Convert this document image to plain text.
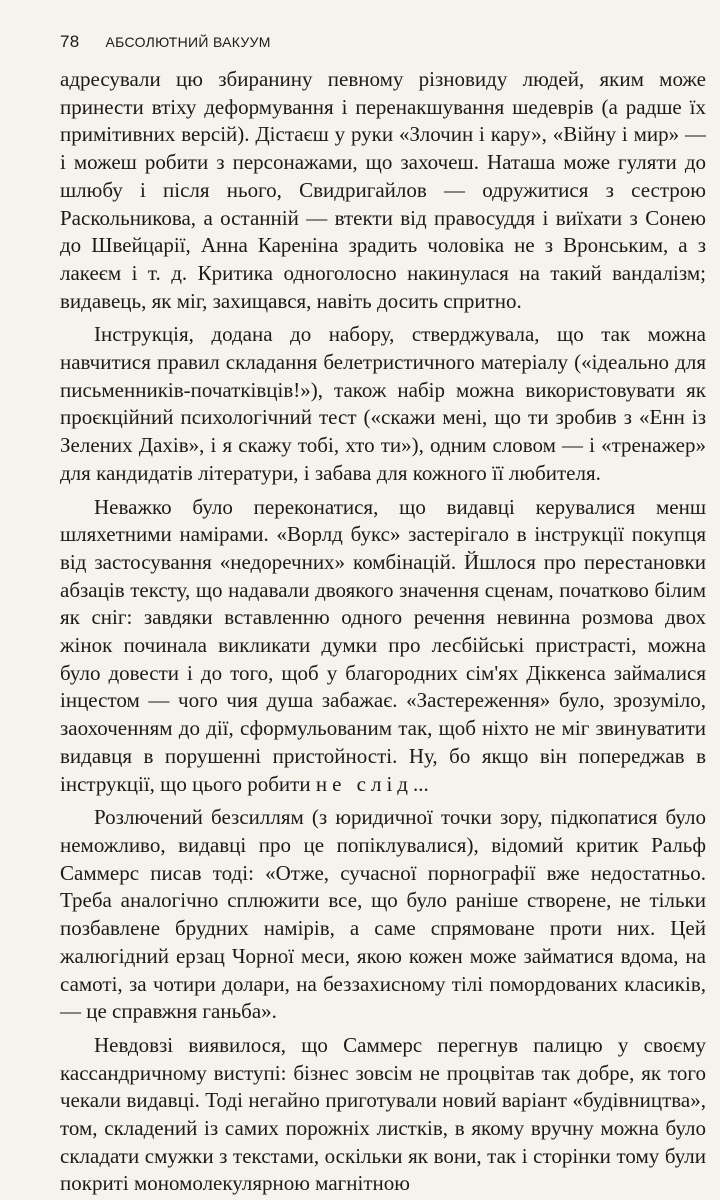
78 АБСОЛЮТНИЙ ВАКУУМ

адресували цю збиранину певному різновиду людей, яким може принести втіху деформування і перенакшування шедеврів (а радше їх примітивних версій). Дістаєш у руки «Злочин і кару», «Війну і мир» — і можеш робити з персонажами, що захочеш. Наташа може гуляти до шлюбу і після нього, Свидригайлов — одружитися з сестрою Раскольникова, а останній — втекти від правосуддя і виїхати з Сонею до Швейцарії, Анна Кареніна зрадить чоловіка не з Вронським, а з лакеєм і т. д. Критика одноголосно накинулася на такий вандалізм; видавець, як міг, захищався, навіть досить спритно.

Інструкція, додана до набору, стверджувала, що так можна навчитися правил складання белетристичного матеріалу («ідеально для письменників-початківців!»), також набір можна використовувати як проєкційний психологічний тест («скажи мені, що ти зробив з «Енн із Зелених Дахів», і я скажу тобі, хто ти»), одним словом — і «тренажер» для кандидатів літератури, і забава для кожного її любителя.

Неважко було переконатися, що видавці керувалися менш шляхетними намірами. «Ворлд букс» застерігало в інструкції покупця від застосування «недоречних» комбінацій. Йшлося про перестановки абзаців тексту, що надавали двоякого значення сценам, початково білим як сніг: завдяки вставленню одного речення невинна розмова двох жінок починала викликати думки про лесбійські пристрасті, можна було довести і до того, щоб у благородних сім'ях Діккенса займалися інцестом — чого чия душа забажає. «Застереження» було, зрозуміло, заохоченням до дії, сформульованим так, щоб ніхто не міг звинуватити видавця в порушенні пристойності. Ну, бо якщо він попереджав в інструкції, що цього робити не слід...

Розлючений безсиллям (з юридичної точки зору, підкопатися було неможливо, видавці про це попіклувалися), відомий критик Ральф Саммерс писав тоді: «Отже, сучасної порнографії вже недостатньо. Треба аналогічно сплюжити все, що було раніше створене, не тільки позбавлене брудних намірів, а саме спрямоване проти них. Цей жалюгідний ерзац Чорної меси, якою кожен може займатися вдома, на самоті, за чотири долари, на беззахисному тілі помордованих класиків, — це справжня ганьба».

Невдовзі виявилося, що Саммерс перегнув палицю у своєму кассандричному виступі: бізнес зовсім не процвітав так добре, як того чекали видавці. Тоді негайно приготували новий варіант «будівництва», том, складений із самих порожніх листків, в якому вручну можна було складати смужки з текстами, оскільки як вони, так і сторінки тому були покриті мономолекулярною магнітною
